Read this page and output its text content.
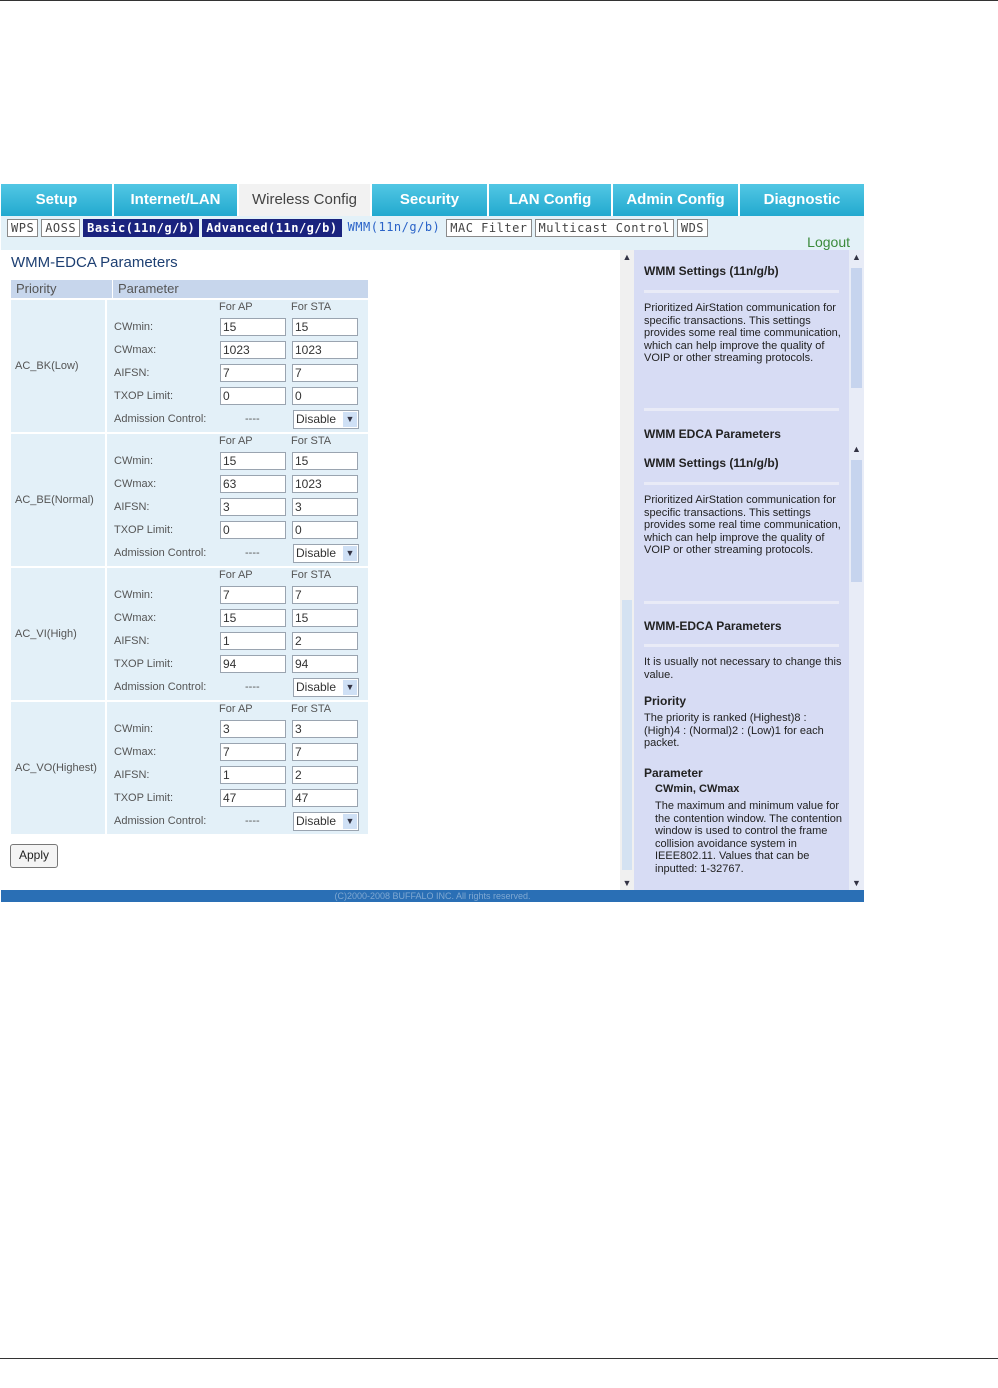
Setup	Internet/LAN	Wireless Config	Security	LAN Config	Admin Config	Diagnostic
WPS AOSS Basic(11n/g/b) Advanced(11n/g/b) WMM(11n/g/b) MAC Filter Multicast Control WDS
Logout
WMM-EDCA Parameters
Priority	Parameter
AC_BK(Low)
For AP	For STA
CWmin:	15	15
CWmax:	1023	1023
AIFSN:	7	7
TXOP Limit:	0	0
Admission Control:	----	Disable ▼
AC_BE(Normal)
For AP	For STA
CWmin:	15	15
CWmax:	63	1023
AIFSN:	3	3
TXOP Limit:	0	0
Admission Control:	----	Disable ▼
AC_VI(High)
For AP	For STA
CWmin:	7	7
CWmax:	15	15
AIFSN:	1	2
TXOP Limit:	94	94
Admission Control:	----	Disable ▼
AC_VO(Highest)
For AP	For STA
CWmin:	3	3
CWmax:	7	7
AIFSN:	1	2
TXOP Limit:	47	47
Admission Control:	----	Disable ▼
Apply
▲
▼
WMM Settings (11n/g/b)
Prioritized AirStation communication for specific transactions. This settings provides some real time communication, which can help improve the quality of VOIP or other streaming protocols.
WMM EDCA Parameters
WMM Settings (11n/g/b)
Prioritized AirStation communication for specific transactions. This settings provides some real time communication, which can help improve the quality of VOIP or other streaming protocols.
WMM-EDCA Parameters
It is usually not necessary to change this value.
Priority
The priority is ranked (Highest)8 : (High)4 : (Normal)2 : (Low)1 for each packet.
Parameter
CWmin, CWmax
The maximum and minimum value for the contention window. The contention window is used to control the frame collision avoidance system in IEEE802.11. Values that can be inputted: 1-32767.
▲
▲
▼
(C)2000-2008 BUFFALO INC. All rights reserved.
